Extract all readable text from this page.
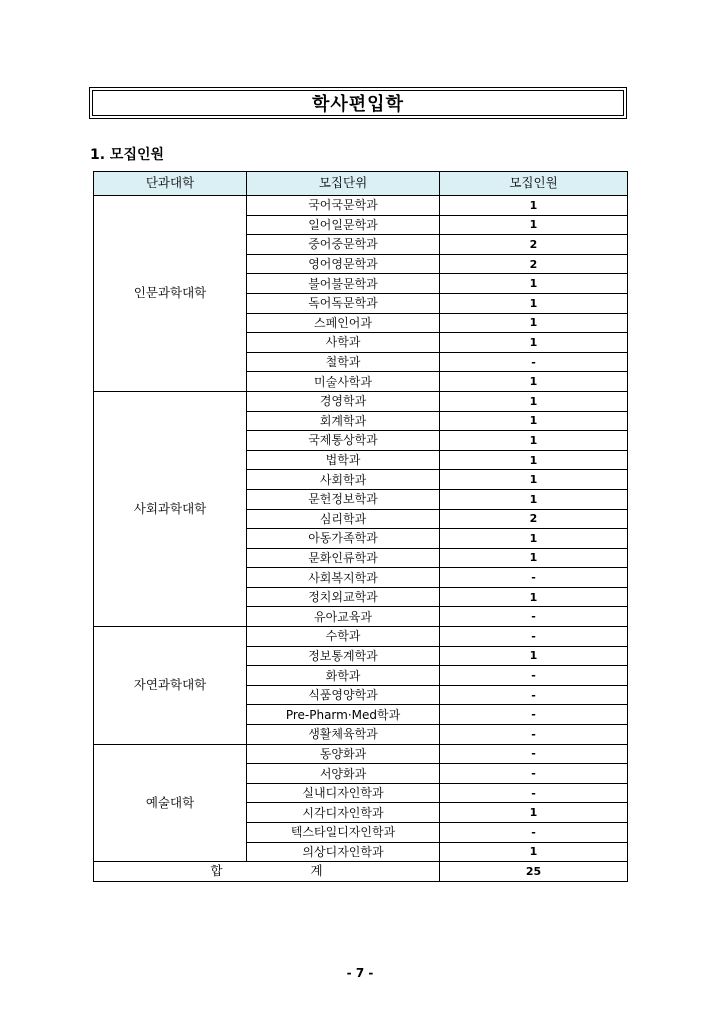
학사편입학
1. 모집인원
단과대학	모집단위	모집인원
인문과학대학	국어국문학과	1
	일어일문학과	1
	중어중문학과	2
	영어영문학과	2
	불어불문학과	1
	독어독문학과	1
	스페인어과	1
	사학과	1
	철학과	-
	미술사학과	1
사회과학대학	경영학과	1
	회계학과	1
	국제통상학과	1
	법학과	1
	사회학과	1
	문헌정보학과	1
	심리학과	2
	아동가족학과	1
	문화인류학과	1
	사회복지학과	-
	정치외교학과	1
	유아교육과	-
자연과학대학	수학과	-
	정보통계학과	1
	화학과	-
	식품영양학과	-
	Pre-Pharm·Med학과	-
	생활체육학과	-
예술대학	동양화과	-
	서양화과	-
	실내디자인학과	-
	시각디자인학과	1
	텍스타일디자인학과	-
	의상디자인학과	1
합 계		25
- 7 -
